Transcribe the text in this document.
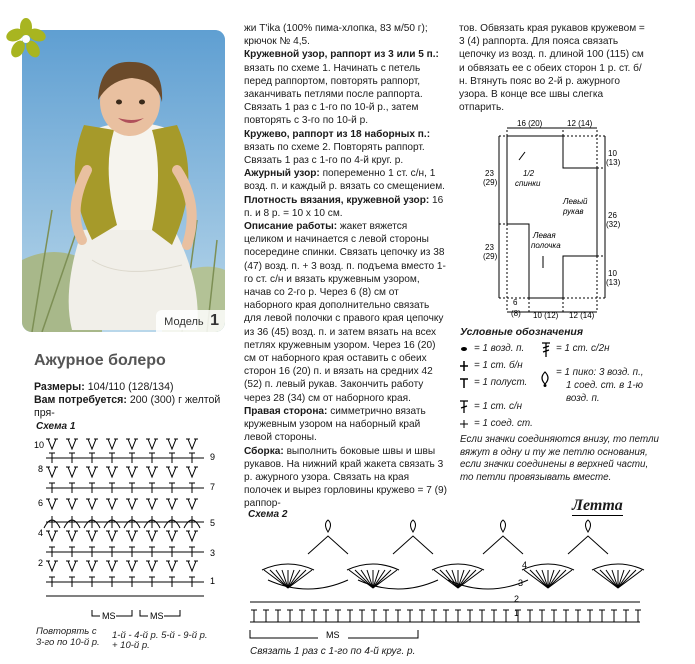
Модель 1
Ажурное болеро
Размеры: 104/110 (128/134)
Вам потребуется: 200 (300) г желтой пря-

жи T'ika (100% пима-хлопка, 83 м/50 г); крючок № 4,5.

Кружевной узор, раппорт из 3 или 5 п.: вязать по схеме 1. Начинать с петель перед раппортом, повторять раппорт, заканчивать петлями после раппорта. Связать 1 раз с 1-го по 10-й р., затем повторять с 3-го по 10-й р.

Кружево, раппорт из 18 наборных п.: вязать по схеме 2. Повторять раппорт. Связать 1 раз с 1-го по 4-й круг. р.

Ажурный узор: попеременно 1 ст. с/н, 1 возд. п. и каждый р. вязать со смещением.

Плотность вязания, кружевной узор: 16 п. и 8 р. = 10 х 10 см.

Описание работы: жакет вяжется целиком и начинается с левой стороны посередине спинки. Связать цепочку из 38 (47) возд. п. + 3 возд. п. подъема вместо 1-го ст. с/н и вязать кружевным узором, начав со 2-го р. Через 6 (8) см от наборного края дополнительно связать для левой полочки с правого края цепочку из 36 (45) возд. п. и затем вязать на всех петлях кружевным узором. Через 16 (20) см от наборного края оставить с обеих сторон 16 (20) п. и вязать на средних 42 (52) п. левый рукав. Закончить работу через 28 (34) см от наборного края.

Правая сторона: симметрично вязать кружевным узором на наборный край левой стороны.

Сборка: выполнить боковые швы и швы рукавов. На нижний край жакета связать 3 р. ажурного узора. Связать на края полочек и вырез горловины кружево = 7 (9) раппор-

тов. Обвязать края рукавов кружевом = 3 (4) раппорта. Для пояса связать цепочку из возд. п. длиной 100 (115) см и обвязать ее с обеих сторон 1 р. ст. б/н. Втянуть пояс во 2-й р. ажурного узора. В конце все швы слегка отпарить.

16 (20)	12 (14)
23
(29)
23
(29)
10
(13)
26
(32)
10
(13)
6
(8) 10 (12) 12 (14)
1/2
спинки
Левый
рукав
Левая
полочка
Условные обозначения
= 1 возд. п.
= 1 ст. б/н
= 1 полуст.
= 1 ст. с/н
= 1 соед. ст.
= 1 ст. с/2н
= 1 пико: 3 возд. п.,
1 соед. ст. в 1-ю
возд. п.
Если значки соединяются внизу, то петли вяжут в одну и ту же петлю основания, если значки соединены в верхней части, то петли провязывать вместе.
Летта
Схема 1
10
8
6
4
2
9
7
5
3
1
MS	MS
Повторять с 3-го по 10-й р.
1-й - 4-й р. 5-й - 9-й р.
+ 10-й р.
Схема 2
4
3
2
1
MS
Связать 1 раз с 1-го по 4-й круг. р.
